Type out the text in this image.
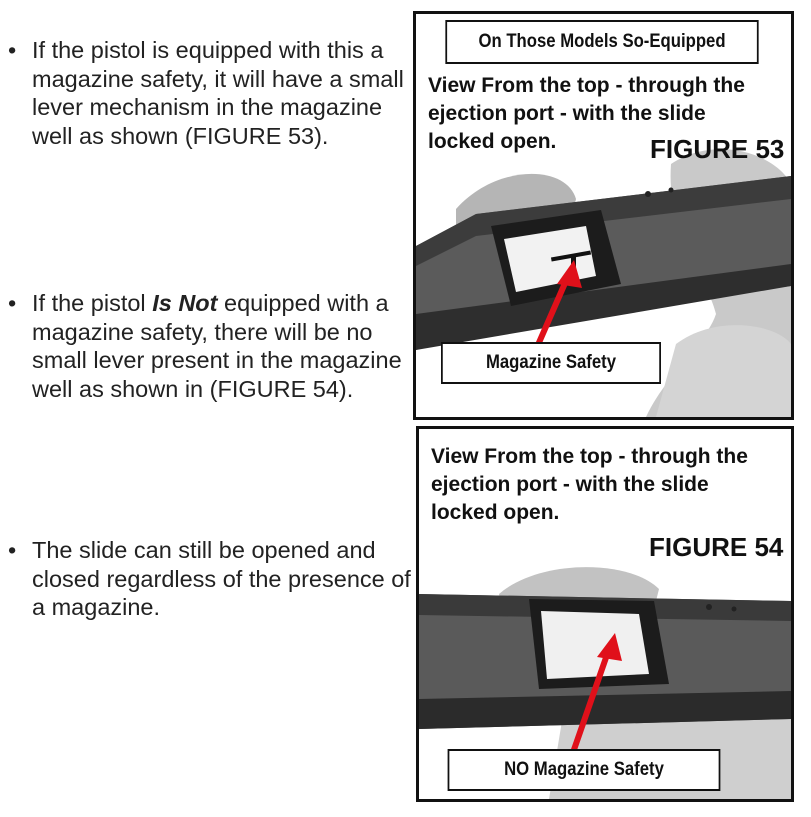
• If the pistol is equipped with this a magazine safety, it will have a small lever mechanism in the magazine well as shown (FIGURE 53).
• If the pistol Is Not equipped with a magazine safety, there will be no small lever present in the magazine well as shown in (FIGURE 54).
• The slide can still be opened and closed regardless of the presence of a magazine.
On Those Models So-Equipped
View From the top - through the ejection port - with the slide locked open.	FIGURE 53
Magazine Safety
View From the top - through the ejection port - with the slide locked open.
FIGURE 54
NO Magazine Safety
